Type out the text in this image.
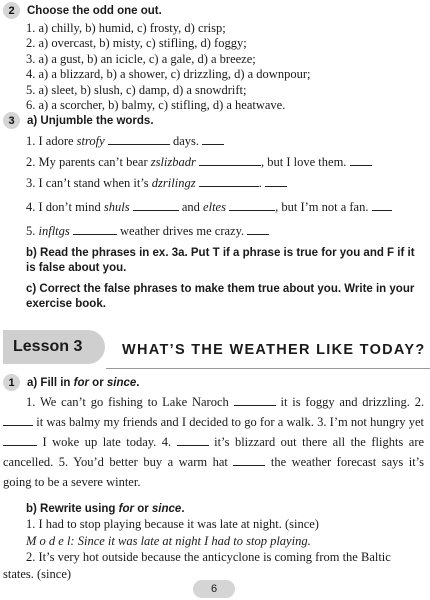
2	Choose the odd one out.
1. a) chilly, b) humid, c) frosty, d) crisp;
2. a) overcast, b) misty, c) stifling, d) foggy;
3. a) a gust, b) an icicle, c) a gale, d) a breeze;
4. a) a blizzard, b) a shower, c) drizzling, d) a downpour;
5. a) sleet, b) slush, c) damp, d) a snowdrift;
6. a) a scorcher, b) balmy, c) stifling, d) a heatwave.
3	a) Unjumble the words.
1. I adore strofy	days.
2. My parents can’t bear zslizbadr	, but I love them.
3. I can’t stand when it’s dzrilingz	.
4. I don’t mind shuls	and eltes	, but I’m not a fan.
5. infltgs	weather drives me crazy.
b) Read the phrases in ex. 3a. Put T if a phrase is true for you and F if it is false about you.
c) Correct the false phrases to make them true about you. Write in your exercise book.
Lesson 3	WHAT’S THE WEATHER LIKE TODAY?
1	a) Fill in for or since.
1. We can’t go fishing to Lake Naroch	it is foggy and drizzling. 2.  it was balmy my friends and I decided to go for a walk. 3. I’m not hungry yet  I woke up late today. 4.	it’s blizzard out there all the flights are cancelled. 5. You’d better buy a warm hat	the weather forecast says it’s going to be a severe winter.
b) Rewrite using for or since.
1. I had to stop playing because it was late at night. (since)
M o d e l: Since it was late at night I had to stop playing.
2. It’s very hot outside because the anticyclone is coming from the Baltic states. (since)
6
